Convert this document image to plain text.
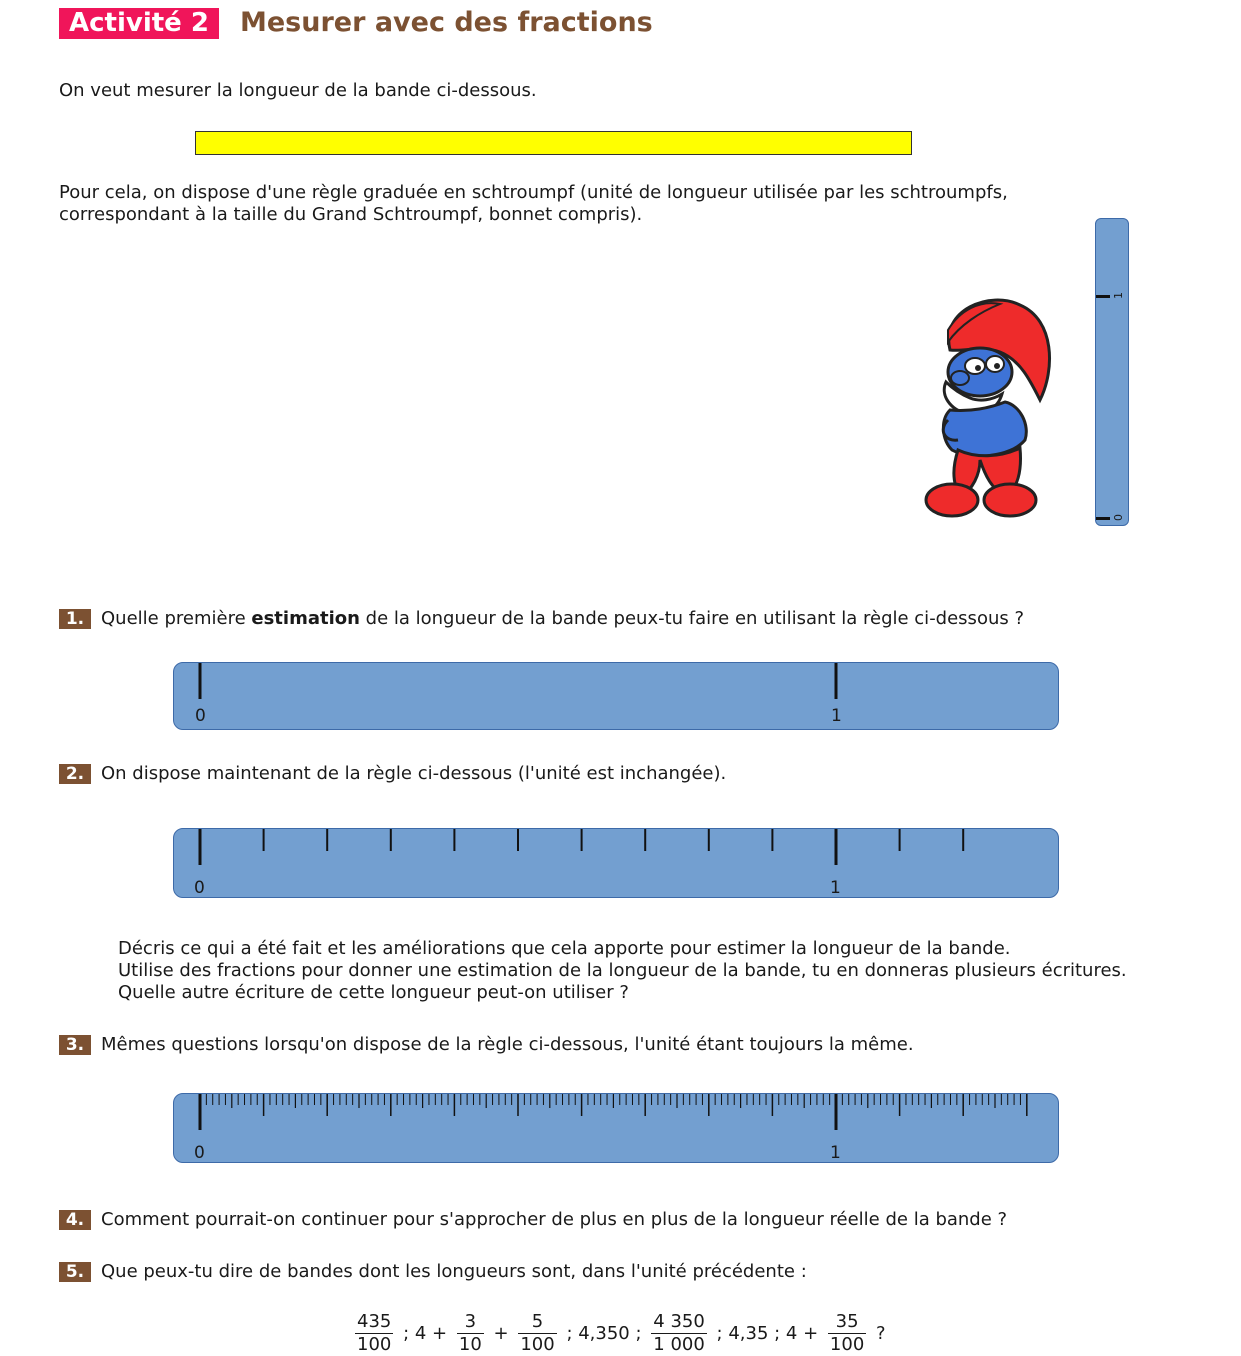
Activité 2	Mesurer avec des fractions
On veut mesurer la longueur de la bande ci-dessous.
Pour cela, on dispose d'une règle graduée en schtroumpf (unité de longueur utilisée par les schtroumpfs,
correspondant à la taille du Grand Schtroumpf, bonnet compris).
1
0
1. Quelle première estimation de la longueur de la bande peux-tu faire en utilisant la règle ci-dessous ?
0	1
2. On dispose maintenant de la règle ci-dessous (l'unité est inchangée).
0	1
Décris ce qui a été fait et les améliorations que cela apporte pour estimer la longueur de la bande.
Utilise des fractions pour donner une estimation de la longueur de la bande, tu en donneras plusieurs écritures.
Quelle autre écriture de cette longueur peut-on utiliser ?
3. Mêmes questions lorsqu'on dispose de la règle ci-dessous, l'unité étant toujours la même.
0	1
4. Comment pourrait-on continuer pour s'approcher de plus en plus de la longueur réelle de la bande ?
5. Que peux-tu dire de bandes dont les longueurs sont, dans l'unité précédente :
$\frac{435}{100}$ ; $4 + \frac{3}{10} + \frac{5}{100}$ ; 4,350 ; $\frac{4 350}{1 000}$ ; 4,35 ; $4 + \frac{35}{100}$ ?
